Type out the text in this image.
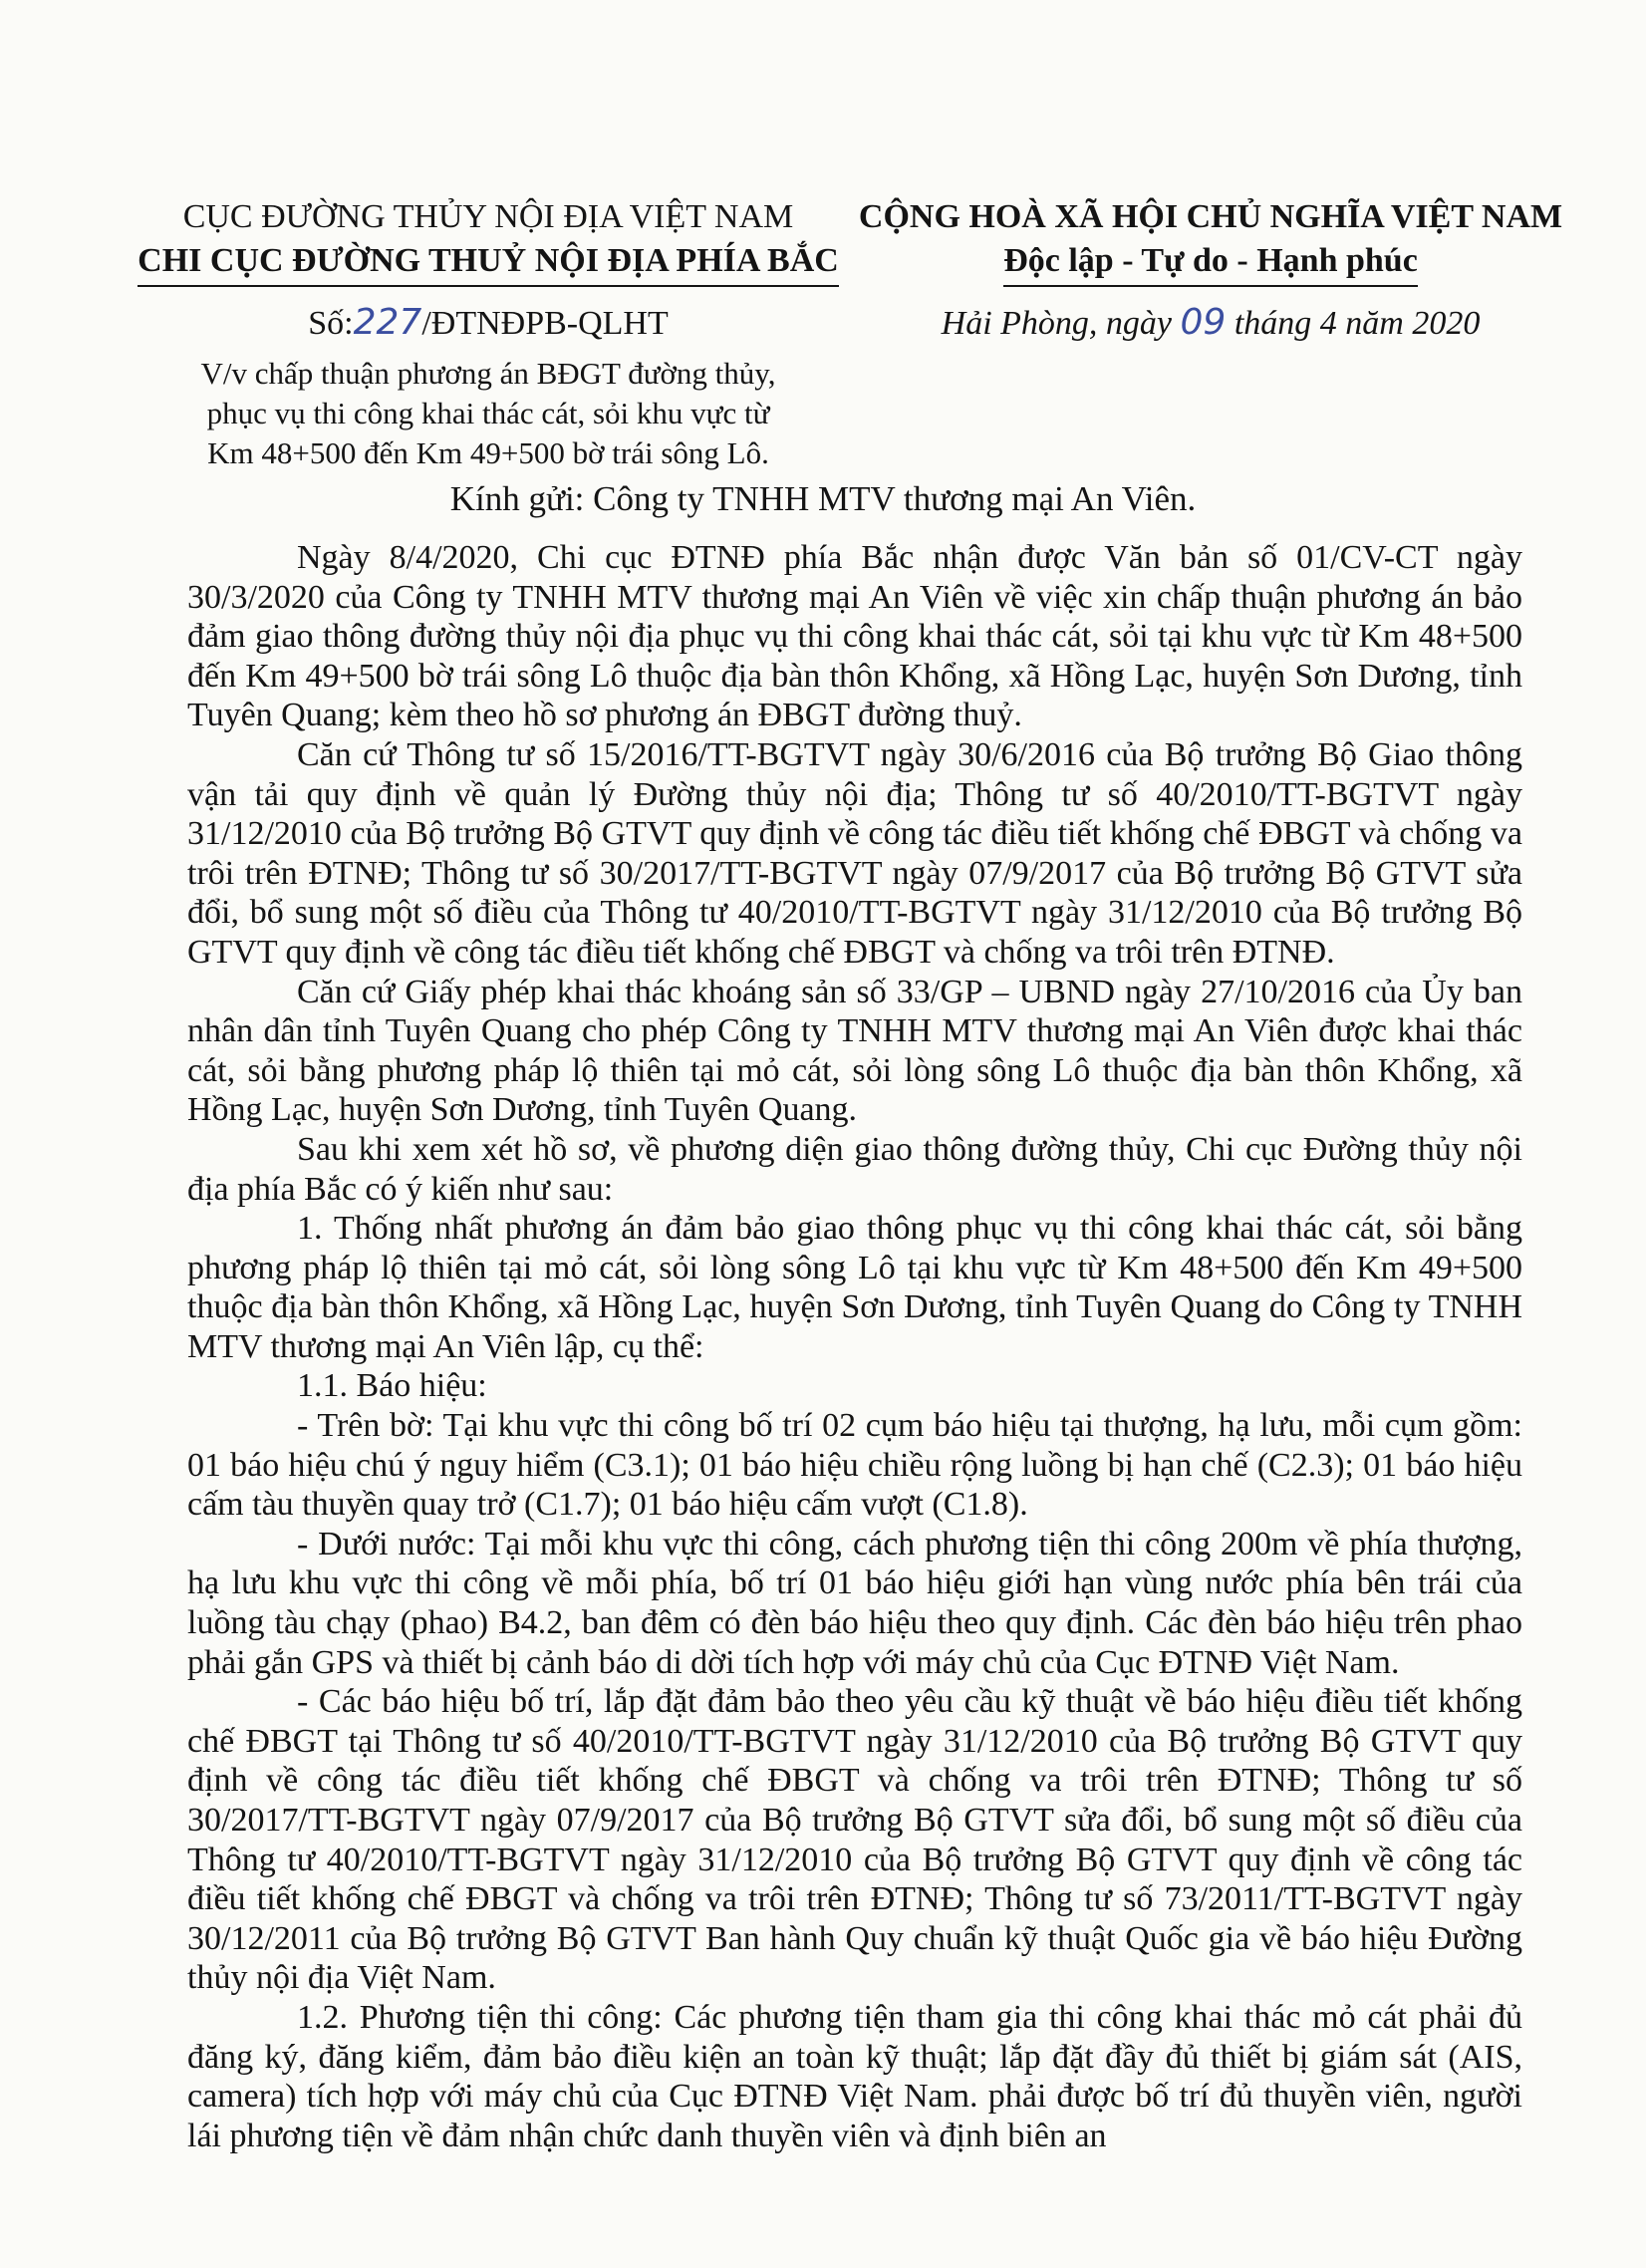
CỤC ĐƯỜNG THỦY NỘI ĐỊA VIỆT NAM
CHI CỤC ĐƯỜNG THUỶ NỘI ĐỊA PHÍA BẮC
Số:227/ĐTNĐPB-QLHT
V/v chấp thuận phương án BĐGT đường thủy,
phục vụ thi công khai thác cát, sỏi khu vực từ
Km 48+500 đến Km 49+500 bờ trái sông Lô.
CỘNG HOÀ XÃ HỘI CHỦ NGHĨA VIỆT NAM
Độc lập - Tự do - Hạnh phúc
Hải Phòng, ngày 09 tháng 4 năm 2020
Kính gửi: Công ty TNHH MTV thương mại An Viên.

Ngày 8/4/2020, Chi cục ĐTNĐ phía Bắc nhận được Văn bản số 01/CV-CT ngày 30/3/2020 của Công ty TNHH MTV thương mại An Viên về việc xin chấp thuận phương án bảo đảm giao thông đường thủy nội địa phục vụ thi công khai thác cát, sỏi tại khu vực từ Km 48+500 đến Km 49+500 bờ trái sông Lô thuộc địa bàn thôn Khổng, xã Hồng Lạc, huyện Sơn Dương, tỉnh Tuyên Quang; kèm theo hồ sơ phương án ĐBGT đường thuỷ.

Căn cứ Thông tư số 15/2016/TT-BGTVT ngày 30/6/2016 của Bộ trưởng Bộ Giao thông vận tải quy định về quản lý Đường thủy nội địa; Thông tư số 40/2010/TT-BGTVT ngày 31/12/2010 của Bộ trưởng Bộ GTVT quy định về công tác điều tiết khống chế ĐBGT và chống va trôi trên ĐTNĐ; Thông tư số 30/2017/TT-BGTVT ngày 07/9/2017 của Bộ trưởng Bộ GTVT sửa đổi, bổ sung một số điều của Thông tư 40/2010/TT-BGTVT ngày 31/12/2010 của Bộ trưởng Bộ GTVT quy định về công tác điều tiết khống chế ĐBGT và chống va trôi trên ĐTNĐ.

Căn cứ Giấy phép khai thác khoáng sản số 33/GP – UBND ngày 27/10/2016 của Ủy ban nhân dân tỉnh Tuyên Quang cho phép Công ty TNHH MTV thương mại An Viên được khai thác cát, sỏi bằng phương pháp lộ thiên tại mỏ cát, sỏi lòng sông Lô thuộc địa bàn thôn Khổng, xã Hồng Lạc, huyện Sơn Dương, tỉnh Tuyên Quang.

Sau khi xem xét hồ sơ, về phương diện giao thông đường thủy, Chi cục Đường thủy nội địa phía Bắc có ý kiến như sau:

1. Thống nhất phương án đảm bảo giao thông phục vụ thi công khai thác cát, sỏi bằng phương pháp lộ thiên tại mỏ cát, sỏi lòng sông Lô tại khu vực từ Km 48+500 đến Km 49+500 thuộc địa bàn thôn Khổng, xã Hồng Lạc, huyện Sơn Dương, tỉnh Tuyên Quang do Công ty TNHH MTV thương mại An Viên lập, cụ thể:

1.1. Báo hiệu:

- Trên bờ: Tại khu vực thi công bố trí 02 cụm báo hiệu tại thượng, hạ lưu, mỗi cụm gồm: 01 báo hiệu chú ý nguy hiểm (C3.1); 01 báo hiệu chiều rộng luồng bị hạn chế (C2.3); 01 báo hiệu cấm tàu thuyền quay trở (C1.7); 01 báo hiệu cấm vượt (C1.8).

- Dưới nước: Tại mỗi khu vực thi công, cách phương tiện thi công 200m về phía thượng, hạ lưu khu vực thi công về mỗi phía, bố trí 01 báo hiệu giới hạn vùng nước phía bên trái của luồng tàu chạy (phao) B4.2, ban đêm có đèn báo hiệu theo quy định. Các đèn báo hiệu trên phao phải gắn GPS và thiết bị cảnh báo di dời tích hợp với máy chủ của Cục ĐTNĐ Việt Nam.

- Các báo hiệu bố trí, lắp đặt đảm bảo theo yêu cầu kỹ thuật về báo hiệu điều tiết khống chế ĐBGT tại Thông tư số 40/2010/TT-BGTVT ngày 31/12/2010 của Bộ trưởng Bộ GTVT quy định về công tác điều tiết khống chế ĐBGT và chống va trôi trên ĐTNĐ; Thông tư số 30/2017/TT-BGTVT ngày 07/9/2017 của Bộ trưởng Bộ GTVT sửa đổi, bổ sung một số điều của Thông tư 40/2010/TT-BGTVT ngày 31/12/2010 của Bộ trưởng Bộ GTVT quy định về công tác điều tiết khống chế ĐBGT và chống va trôi trên ĐTNĐ; Thông tư số 73/2011/TT-BGTVT ngày 30/12/2011 của Bộ trưởng Bộ GTVT Ban hành Quy chuẩn kỹ thuật Quốc gia về báo hiệu Đường thủy nội địa Việt Nam.

1.2. Phương tiện thi công: Các phương tiện tham gia thi công khai thác mỏ cát phải đủ đăng ký, đăng kiểm, đảm bảo điều kiện an toàn kỹ thuật; lắp đặt đầy đủ thiết bị giám sát (AIS, camera) tích hợp với máy chủ của Cục ĐTNĐ Việt Nam. phải được bố trí đủ thuyền viên, người lái phương tiện về đảm nhận chức danh thuyền viên và định biên an
